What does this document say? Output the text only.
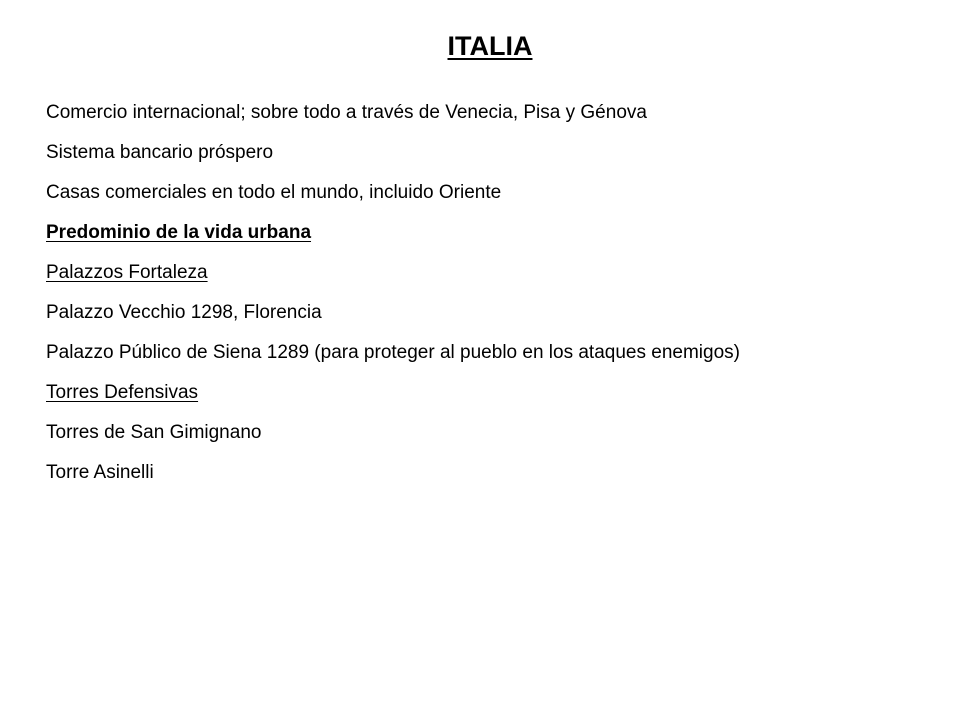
ITALIA
Comercio internacional; sobre todo a través de Venecia, Pisa y Génova
Sistema bancario próspero
Casas comerciales en todo el mundo, incluido Oriente
Predominio de la vida urbana
Palazzos Fortaleza
Palazzo Vecchio 1298, Florencia
Palazzo Público de Siena 1289 (para proteger al pueblo en los ataques enemigos)
Torres Defensivas
Torres de San Gimignano
Torre Asinelli
